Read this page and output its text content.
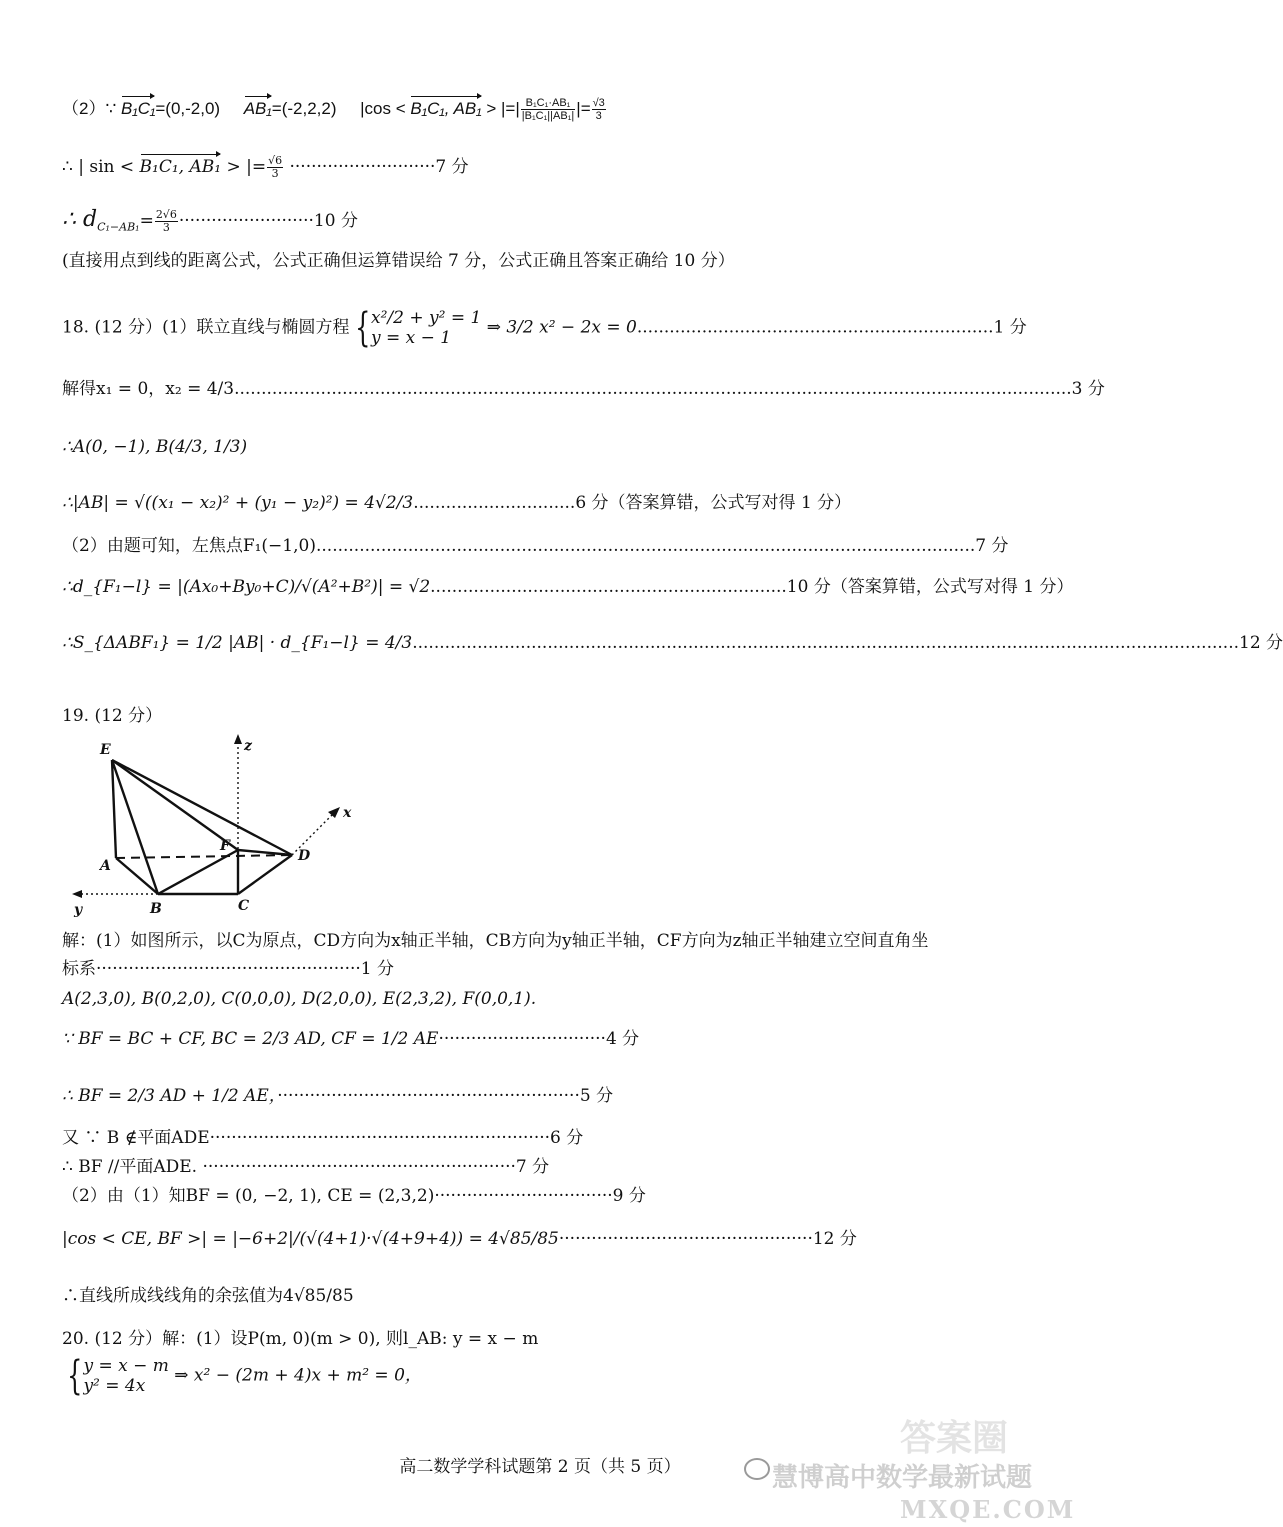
（2）∵ B₁C₁=(0,-2,0) AB₁=(-2,2,2) |cos < B₁C₁, AB₁ > |=| $\frac{\text{B₁C₁·AB₁}}{\text{|B₁C₁||AB₁|}}$ |= $\frac{√3}{3}$
∴ | sin < B₁C₁, AB₁ > |= $\frac{√6}{3} \cdot\cdot\cdot\cdot\cdot\cdot\cdot\cdot\cdot\cdot\cdot\cdot\cdot\cdot\cdot\cdot\cdot\cdot\cdot\cdot\cdot\cdot\cdot\cdot\cdot\cdot\cdot 7$ 分
∴ $d_{C_1-AB_1}= \frac{2√6}{3} \cdot\cdot\cdot\cdot\cdot\cdot\cdot\cdot\cdot\cdot\cdot\cdot\cdot\cdot\cdot\cdot\cdot\cdot\cdot\cdot\cdot\cdot\cdot\cdot\cdot 10$ 分
(直接用点到线的距离公式，公式正确但运算错误给 7 分，公式正确且答案正确给 10 分）
18. (12 分）(1）联立直线与椭圆方程 { x²/2 + y² = 1
y = x − 1
⇒ 3/2 x² − 2x = 0..................................................................1 分
解得x₁ = 0，x₂ = 4/3...........................................................................................................................................................3 分
∴A(0, −1), B(4/3, 1/3)
∴|AB| = √((x₁ − x₂)² + (y₁ − y₂)²) = 4√2/3..............................6 分（答案算错，公式写对得 1 分）
（2）由题可知，左焦点F₁(−1,0)..........................................................................................................................7 分
∴d_{F₁−l} = |(Ax₀+By₀+C)/√(A²+B²)| = √2..................................................................10 分（答案算错，公式写对得 1 分）
∴S_{ΔABF₁} = 1/2 |AB| · d_{F₁−l} = 4/3.........................................................................................................................................................12 分
19. (12 分）
E
A
B	C
D
F
x
y
z
解：(1）如图所示，以C为原点，CD方向为x轴正半轴，CB方向为y轴正半轴，CF方向为z轴正半轴建立空间直角坐
标系·················································1 分
A(2,3,0), B(0,2,0), C(0,0,0), D(2,0,0), E(2,3,2), F(0,0,1).
∵ BF = BC + CF, BC = 2/3 AD, CF = 1/2 AE·······························4 分
∴ BF = 2/3 AD + 1/2 AE，························································5 分
又 ∵ B ∉平面ADE·······························································6 分
∴ BF //平面ADE. ··························································7 分
（2）由（1）知BF = (0, −2, 1), CE = (2,3,2)·································9 分
|cos < CE, BF >| = |−6+2|/(√(4+1)·√(4+9+4)) = 4√85/85···············································12 分
∴直线所成线线角的余弦值为4√85/85
20. (12 分）解：(1）设P(m, 0)(m > 0), 则l_AB: y = x − m
{ y = x − m
y² = 4x
⇒ x² − (2m + 4)x + m² = 0，
高二数学学科试题第 2 页（共 5 页）	慧博高中数学最新试题
答案圈
MXQE.COM
